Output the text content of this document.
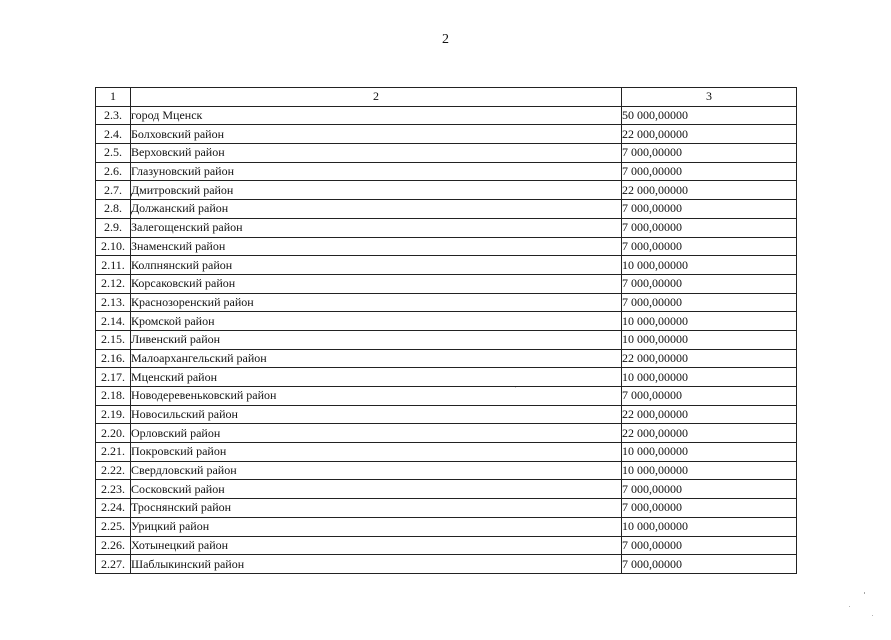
2
1	2	3
2.3.	город Мценск	50 000,00000
2.4.	Болховский район	22 000,00000
2.5.	Верховский район	7 000,00000
2.6.	Глазуновский район	7 000,00000
2.7.	Дмитровский район	22 000,00000
2.8.	Должанский район	7 000,00000
2.9.	Залегощенский район	7 000,00000
2.10.	Знаменский район	7 000,00000
2.11.	Колпнянский район	10 000,00000
2.12.	Корсаковский район	7 000,00000
2.13.	Краснозоренский район	7 000,00000
2.14.	Кромской район	10 000,00000
2.15.	Ливенский район	10 000,00000
2.16.	Малоархангельский район	22 000,00000
2.17.	Мценский район	10 000,00000
2.18.	Новодеревеньковский район	7 000,00000
2.19.	Новосильский район	22 000,00000
2.20.	Орловский район	22 000,00000
2.21.	Покровский район	10 000,00000
2.22.	Свердловский район	10 000,00000
2.23.	Сосковский район	7 000,00000
2.24.	Троснянский район	7 000,00000
2.25.	Урицкий район	10 000,00000
2.26.	Хотынецкий район	7 000,00000
2.27.	Шаблыкинский район	7 000,00000
